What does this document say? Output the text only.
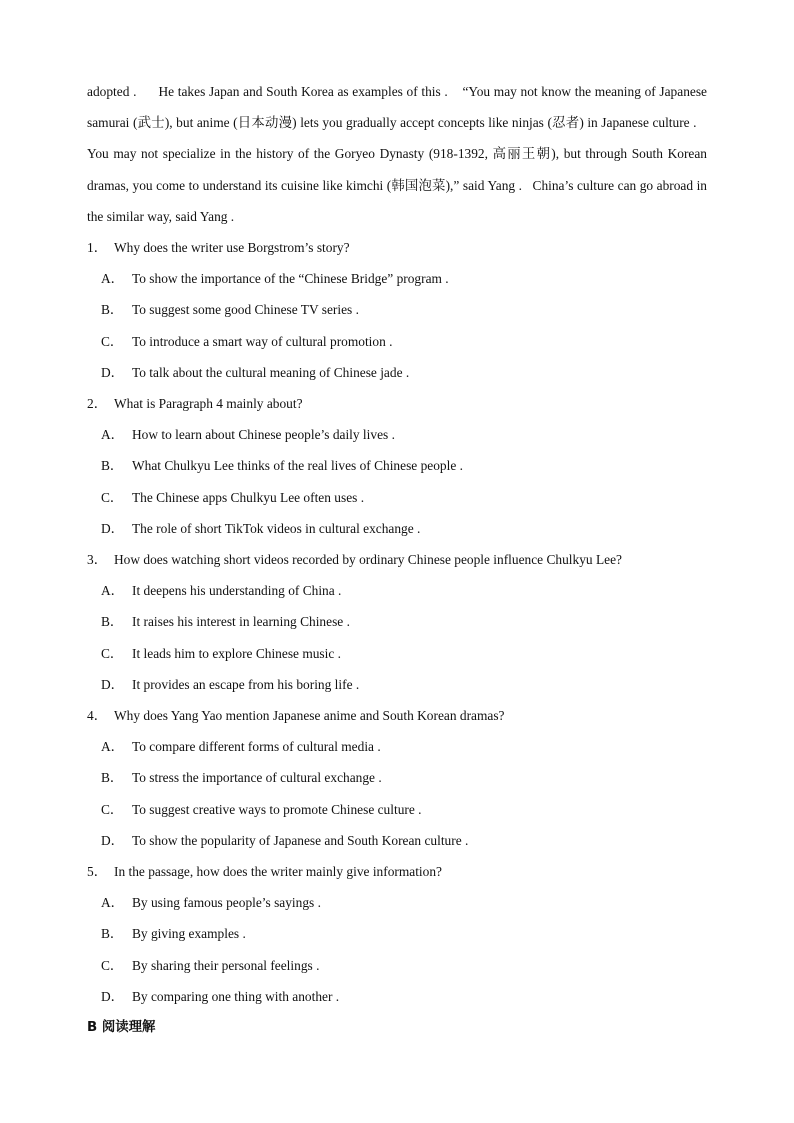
adopted .      He takes Japan and South Korea as examples of this .    “You may not know the meaning of Japanese samurai (武士), but anime (日本动漫) lets you gradually accept concepts like ninjas (忍者) in Japanese culture .    You may not specialize in the history of the Goryeo Dynasty (918-1392, 高丽王朝), but through South Korean dramas, you come to understand its cuisine like kimchi (韩国泡菜),” said Yang .   China’s culture can go abroad in the similar way, said Yang .

1． Why does the writer use Borgstrom’s story?
A． To show the importance of the “Chinese Bridge” program .
B． To suggest some good Chinese TV series .
C． To introduce a smart way of cultural promotion .
D． To talk about the cultural meaning of Chinese jade .
2． What is Paragraph 4 mainly about?
A． How to learn about Chinese people’s daily lives .
B． What Chulkyu Lee thinks of the real lives of Chinese people .
C． The Chinese apps Chulkyu Lee often uses .
D． The role of short TikTok videos in cultural exchange .
3． How does watching short videos recorded by ordinary Chinese people influence Chulkyu Lee?
A． It deepens his understanding of China .
B． It raises his interest in learning Chinese .
C． It leads him to explore Chinese music .
D． It provides an escape from his boring life .
4． Why does Yang Yao mention Japanese anime and South Korean dramas?
A． To compare different forms of cultural media .
B． To stress the importance of cultural exchange .
C． To suggest creative ways to promote Chinese culture .
D． To show the popularity of Japanese and South Korean culture .
5． In the passage, how does the writer mainly give information?
A． By using famous people’s sayings .
B． By giving examples .
C． By sharing their personal feelings .
D． By comparing one thing with another .
B 阅读理解
